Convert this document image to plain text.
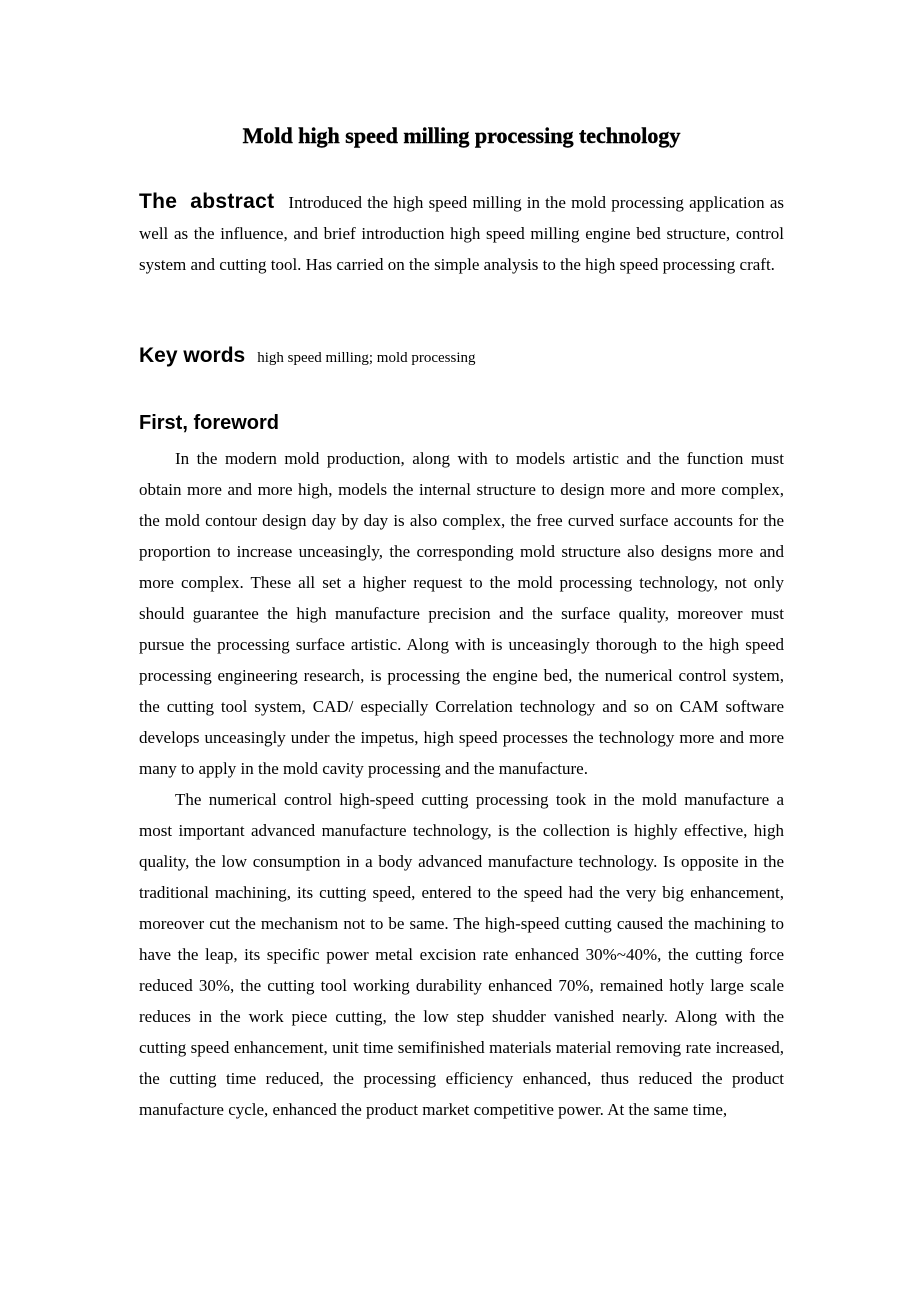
Mold high speed milling processing technology

The abstract Introduced the high speed milling in the mold processing application as well as the influence, and brief introduction high speed milling engine bed structure, control system and cutting tool. Has carried on the simple analysis to the high speed processing craft.

Key words high speed milling; mold processing

First, foreword

In the modern mold production, along with to models artistic and the function must obtain more and more high, models the internal structure to design more and more complex, the mold contour design day by day is also complex, the free curved surface accounts for the proportion to increase unceasingly, the corresponding mold structure also designs more and more complex. These all set a higher request to the mold processing technology, not only should guarantee the high manufacture precision and the surface quality, moreover must pursue the processing surface artistic. Along with is unceasingly thorough to the high speed processing engineering research, is processing the engine bed, the numerical control system, the cutting tool system, CAD/ especially Correlation technology and so on CAM software develops unceasingly under the impetus, high speed processes the technology more and more many to apply in the mold cavity processing and the manufacture.

The numerical control high-speed cutting processing took in the mold manufacture a most important advanced manufacture technology, is the collection is highly effective, high quality, the low consumption in a body advanced manufacture technology. Is opposite in the traditional machining, its cutting speed, entered to the speed had the very big enhancement, moreover cut the mechanism not to be same. The high-speed cutting caused the machining to have the leap, its specific power metal excision rate enhanced 30%~40%, the cutting force reduced 30%, the cutting tool working durability enhanced 70%, remained hotly large scale reduces in the work piece cutting, the low step shudder vanished nearly. Along with the cutting speed enhancement, unit time semifinished materials material removing rate increased, the cutting time reduced, the processing efficiency enhanced, thus reduced the product manufacture cycle, enhanced the product market competitive power. At the same time,
